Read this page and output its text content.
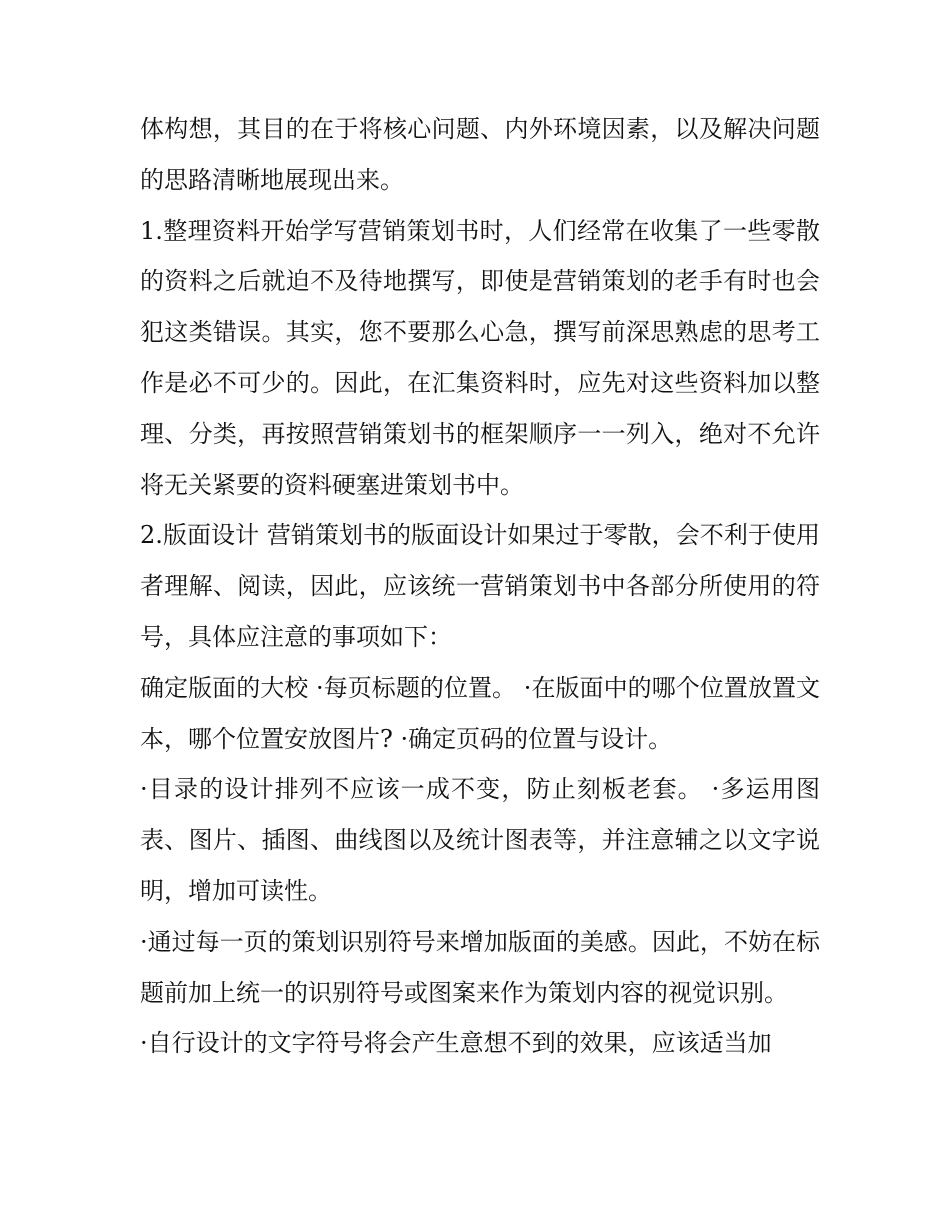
体构想，其目的在于将核心问题、内外环境因素，以及解决问题的思路清晰地展现出来。

1.整理资料开始学写营销策划书时，人们经常在收集了一些零散的资料之后就迫不及待地撰写，即使是营销策划的老手有时也会犯这类错误。其实，您不要那么心急，撰写前深思熟虑的思考工作是必不可少的。因此，在汇集资料时，应先对这些资料加以整理、分类，再按照营销策划书的框架顺序一一列入，绝对不允许将无关紧要的资料硬塞进策划书中。

2.版面设计 营销策划书的版面设计如果过于零散，会不利于使用者理解、阅读，因此，应该统一营销策划书中各部分所使用的符号，具体应注意的事项如下：

确定版面的大校 ·每页标题的位置。 ·在版面中的哪个位置放置文本，哪个位置安放图片? ·确定页码的位置与设计。

·目录的设计排列不应该一成不变，防止刻板老套。 ·多运用图表、图片、插图、曲线图以及统计图表等，并注意辅之以文字说明，增加可读性。

·通过每一页的策划识别符号来增加版面的美感。因此，不妨在标题前加上统一的识别符号或图案来作为策划内容的视觉识别。

·自行设计的文字符号将会产生意想不到的效果，应该适当加
